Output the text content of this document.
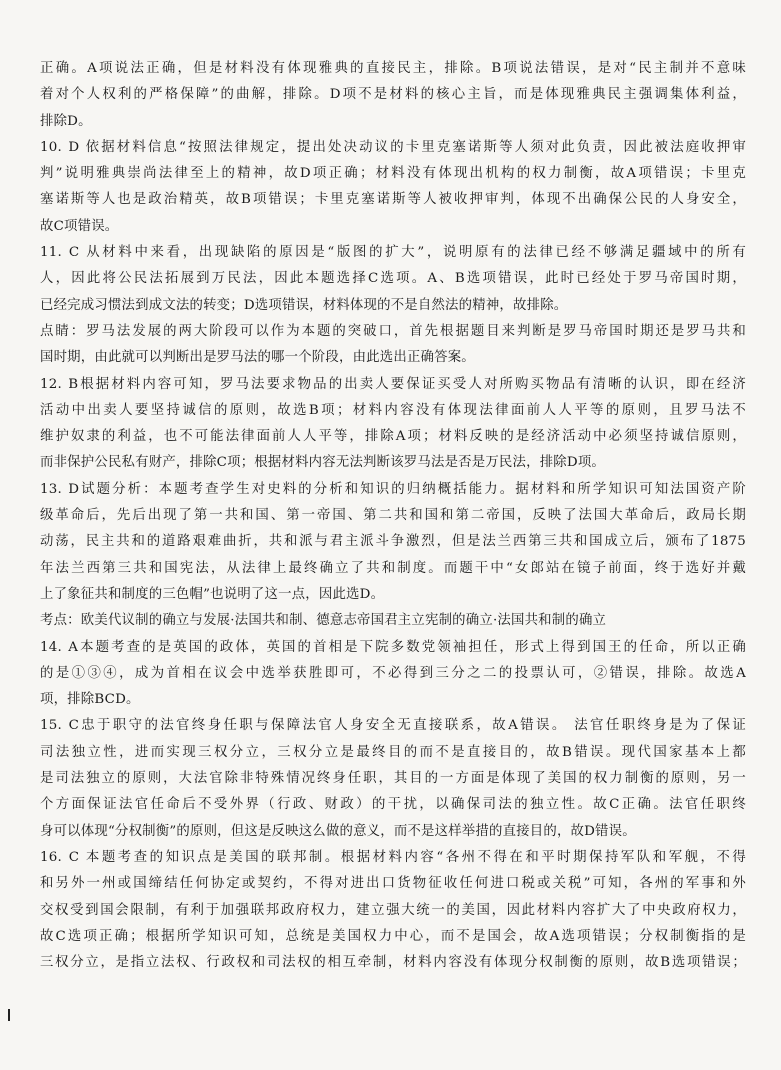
正确。A项说法正确，但是材料没有体现雅典的直接民主，排除。B项说法错误，是对“民主制并不意味
着对个人权利的严格保障”的曲解，排除。D项不是材料的核心主旨，而是体现雅典民主强调集体利益，
排除D。
10. D 依据材料信息“按照法律规定，提出处决动议的卡里克塞诺斯等人须对此负责，因此被法庭收押审
判”说明雅典崇尚法律至上的精神，故D项正确；材料没有体现出机构的权力制衡，故A项错误；卡里克
塞诺斯等人也是政治精英，故B项错误；卡里克塞诺斯等人被收押审判，体现不出确保公民的人身安全，
故C项错误。
11. C 从材料中来看，出现缺陷的原因是“版图的扩大”，说明原有的法律已经不够满足疆域中的所有
人，因此将公民法拓展到万民法，因此本题选择C选项。A、B选项错误，此时已经处于罗马帝国时期，
已经完成习惯法到成文法的转变；D选项错误，材料体现的不是自然法的精神，故排除。
点睛：罗马法发展的两大阶段可以作为本题的突破口，首先根据题目来判断是罗马帝国时期还是罗马共和
国时期，由此就可以判断出是罗马法的哪一个阶段，由此选出正确答案。
12. B根据材料内容可知，罗马法要求物品的出卖人要保证买受人对所购买物品有清晰的认识，即在经济
活动中出卖人要坚持诚信的原则，故选B项；材料内容没有体现法律面前人人平等的原则，且罗马法不
维护奴隶的利益，也不可能法律面前人人平等，排除A项；材料反映的是经济活动中必须坚持诚信原则，
而非保护公民私有财产，排除C项；根据材料内容无法判断该罗马法是否是万民法，排除D项。
13. D试题分析：本题考查学生对史料的分析和知识的归纳概括能力。据材料和所学知识可知法国资产阶
级革命后，先后出现了第一共和国、第一帝国、第二共和国和第二帝国，反映了法国大革命后，政局长期
动荡，民主共和的道路艰难曲折，共和派与君主派斗争激烈，但是法兰西第三共和国成立后，颁布了1875
年法兰西第三共和国宪法，从法律上最终确立了共和制度。而题干中“女郎站在镜子前面，终于选好并戴
上了象征共和制度的三色帽”也说明了这一点，因此选D。
考点：欧美代议制的确立与发展·法国共和制、德意志帝国君主立宪制的确立·法国共和制的确立
14. A本题考查的是英国的政体，英国的首相是下院多数党领袖担任，形式上得到国王的任命，所以正确
的是①③④，成为首相在议会中选举获胜即可，不必得到三分之二的投票认可，②错误，排除。故选A
项，排除BCD。
15. C忠于职守的法官终身任职与保障法官人身安全无直接联系，故A错误。 法官任职终身是为了保证
司法独立性，进而实现三权分立，三权分立是最终目的而不是直接目的，故B错误。现代国家基本上都
是司法独立的原则，大法官除非特殊情况终身任职，其目的一方面是体现了美国的权力制衡的原则，另一
个方面保证法官任命后不受外界（行政、财政）的干扰，以确保司法的独立性。故C正确。法官任职终
身可以体现“分权制衡”的原则，但这是反映这么做的意义，而不是这样举措的直接目的，故D错误。
16. C 本题考查的知识点是美国的联邦制。根据材料内容“各州不得在和平时期保持军队和军舰，不得
和另外一州或国缔结任何协定或契约，不得对进出口货物征收任何进口税或关税”可知，各州的军事和外
交权受到国会限制，有利于加强联邦政府权力，建立强大统一的美国，因此材料内容扩大了中央政府权力，
故C选项正确；根据所学知识可知，总统是美国权力中心，而不是国会，故A选项错误；分权制衡指的是
三权分立，是指立法权、行政权和司法权的相互牵制，材料内容没有体现分权制衡的原则，故B选项错误；
